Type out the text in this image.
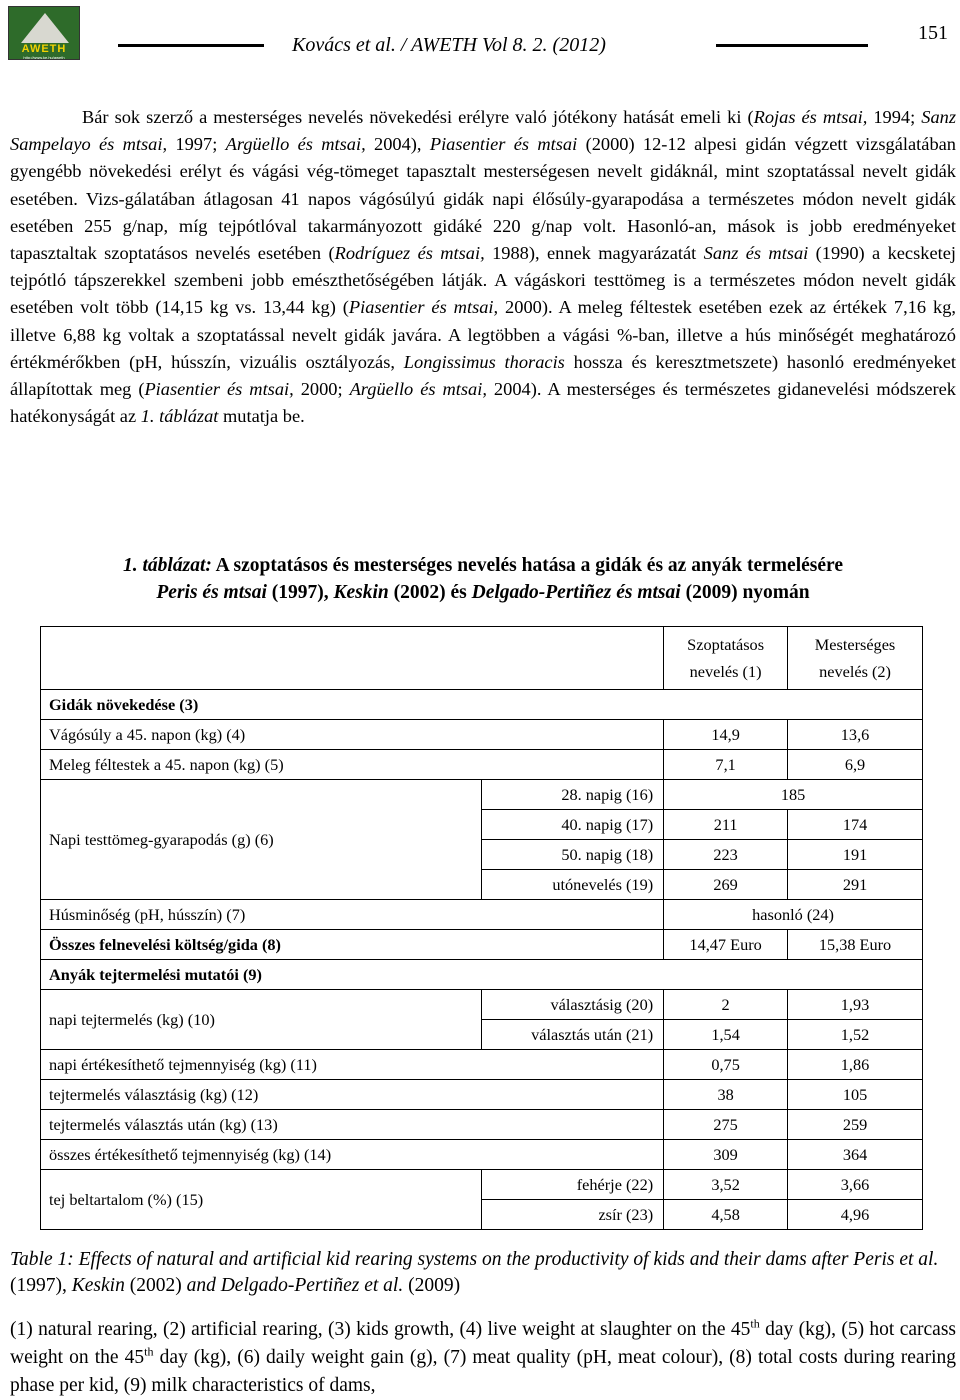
AWETH
http://www.ke.hu/aweth
Kovács et al. / AWETH Vol 8. 2. (2012)
151

Bár sok szerző a mesterséges nevelés növekedési erélyre való jótékony hatását emeli ki (Rojas és mtsai, 1994; Sanz Sampelayo és mtsai, 1997; Argüello és mtsai, 2004), Piasentier és mtsai (2000) 12-12 alpesi gidán végzett vizsgálatában gyengébb növekedési erélyt és vágási vég-tömeget tapasztalt mesterségesen nevelt gidáknál, mint szoptatással nevelt gidák esetében. Vizs-gálatában átlagosan 41 napos vágósúlyú gidák napi élősúly-gyarapodása a természetes módon nevelt gidák esetében 255 g/nap, míg tejpótlóval takarmányozott gidáké 220 g/nap volt. Hasonló-an, mások is jobb eredményeket tapasztaltak szoptatásos nevelés esetében (Rodríguez és mtsai, 1988), ennek magyarázatát Sanz és mtsai (1990) a kecsketej tejpótló tápszerekkel szembeni jobb emészthetőségében látják. A vágáskori testtömeg is a természetes módon nevelt gidák esetében volt több (14,15 kg vs. 13,44 kg) (Piasentier és mtsai, 2000). A meleg féltestek esetében ezek az értékek 7,16 kg, illetve 6,88 kg voltak a szoptatással nevelt gidák javára. A legtöbben a vágási %-ban, illetve a hús minőségét meghatározó értékmérőkben (pH, hússzín, vizuális osztályozás, Longissimus thoracis hossza és keresztmetszete) hasonló eredményeket állapítottak meg (Piasentier és mtsai, 2000; Argüello és mtsai, 2004). A mesterséges és természetes gidanevelési módszerek hatékonyságát az 1. táblázat mutatja be.

1. táblázat: A szoptatásos és mesterséges nevelés hatása a gidák és az anyák termelésére
Peris és mtsai (1997), Keskin (2002) és Delgado-Pertiñez és mtsai (2009) nyomán
		Szoptatásos nevelés (1)	Mesterséges nevelés (2)
Gidák növekedése (3)			
Vágósúly a 45. napon (kg) (4)		14,9	13,6
Meleg féltestek a 45. napon (kg) (5)		7,1	6,9
Napi testtömeg-gyarapodás (g) (6)	28. napig (16)	185	
	40. napig (17)	211	174
	50. napig (18)	223	191
	utónevelés (19)	269	291
Húsminőség (pH, hússzín) (7)		hasonló (24)	
Összes felnevelési költség/gida (8)		14,47 Euro	15,38 Euro
Anyák tejtermelési mutatói (9)			
napi tejtermelés (kg) (10)	választásig (20)	2	1,93
	választás után (21)	1,54	1,52
napi értékesíthető tejmennyiség (kg) (11)		0,75	1,86
tejtermelés választásig (kg) (12)		38	105
tejtermelés választás után (kg) (13)		275	259
összes értékesíthető tejmennyiség (kg) (14)		309	364
tej beltartalom (%) (15)	fehérje (22)	3,52	3,66
	zsír (23)	4,58	4,96
Table 1: Effects of natural and artificial kid rearing systems on the productivity of kids and their dams after Peris et al. (1997), Keskin (2002) and Delgado-Pertiñez et al. (2009)
(1) natural rearing, (2) artificial rearing, (3) kids growth, (4) live weight at slaughter on the 45th day (kg), (5) hot carcass weight on the 45th day (kg), (6) daily weight gain (g), (7) meat quality (pH, meat colour), (8) total costs during rearing phase per kid, (9) milk characteristics of dams,
